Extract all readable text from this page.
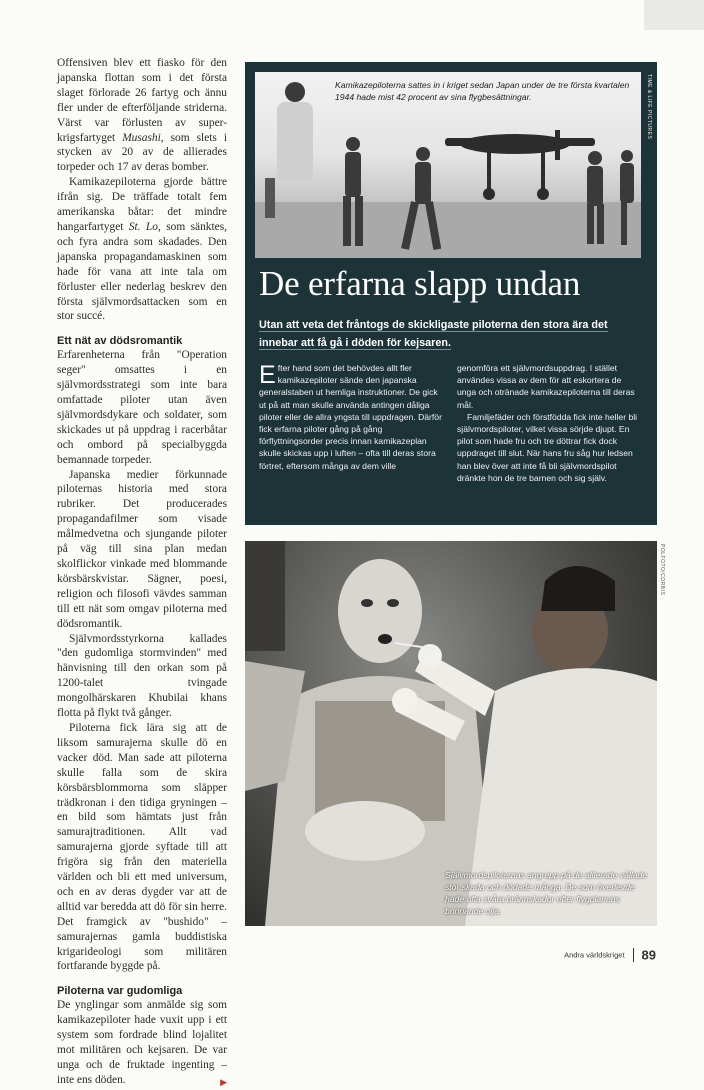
Offensiven blev ett fiasko för den japanska flottan som i det första slaget förlorade 26 fartyg och ännu fler under de efterföljande striderna. Värst var förlusten av super-krigsfartyget Musashi, som slets i stycken av 20 av de allierades torpeder och 17 av deras bomber.

Kamikazepiloterna gjorde bättre ifrån sig. De träffade totalt fem amerikanska båtar: det mindre hangarfartyget St. Lo, som sänktes, och fyra andra som skadades. Den japanska propagandamaskinen som hade för vana att inte tala om förluster eller nederlag beskrev den första självmordsattacken som en stor succé.

Ett nät av dödsromantik

Erfarenheterna från "Operation seger" omsattes i en självmordsstrategi som inte bara omfattade piloter utan även självmordsdykare och soldater, som skickades ut på uppdrag i racerbåtar och ombord på specialbyggda bemannade torpeder.

Japanska medier förkunnade piloternas historia med stora rubriker. Det producerades propagandafilmer som visade målmedvetna och sjungande piloter på väg till sina plan medan skolflickor vinkade med blommande körsbärskvistar. Sägner, poesi, religion och filosofi vävdes samman till ett nät som omgav piloterna med dödsromantik.

Självmordsstyrkorna kallades "den gudomliga stormvinden" med hänvisning till den orkan som på 1200-talet tvingade mongolhärskaren Khubilai khans flotta på flykt två gånger.

Piloterna fick lära sig att de liksom samurajerna skulle dö en vacker död. Man sade att piloterna skulle falla som de skira körsbärsblommorna som släpper trädkronan i den tidiga gryningen – en bild som hämtats just från samurajtraditionen. Allt vad samurajerna gjorde syftade till att frigöra sig från den materiella världen och bli ett med universum, och en av deras dygder var att de alltid var beredda att dö för sin herre. Det framgick av "bushido" – samurajernas gamla buddistiska krigarideologi som militären fortfarande byggde på.

Piloterna var gudomliga

De ynglingar som anmälde sig som kamikazepiloter hade vuxit upp i ett system som fordrade blind lojalitet mot militären och kejsaren. De var unga och de fruktade ingenting – inte ens döden.	▶

Kamikazepiloterna sattes in i kriget sedan Japan under de tre första kvartalen 1944 hade mist 42 procent av sina flygbesättningar.	TIME & LIFE PICTURES
De erfarna slapp undan
Utan att veta det fråntogs de skickligaste piloterna den stora ära det innebar att få gå i döden för kejsaren.

Efter hand som det behövdes allt fler kamikazepiloter sände den japanska generalstaben ut hemliga instruktioner. De gick ut på att man skulle använda antingen dåliga piloter eller de allra yngsta till uppdragen. Därför fick erfarna piloter gång på gång förflyttningsorder precis innan kamikazeplan skulle skickas upp i luften – ofta till deras stora förtret, eftersom många av dem ville

genomföra ett självmordsuppdrag. I stället användes vissa av dem för att eskortera de unga och otränade kamikazepiloterna till deras mål.

Familjefäder och förstfödda fick inte heller bli självmordspiloter, vilket vissa sörjde djupt. En pilot som hade fru och tre döttrar fick dock uppdraget till slut. När hans fru såg hur ledsen han blev över att inte få bli självmordspilot dränkte hon de tre barnen och sig själv.

Självmordspiloternas angrepp på de allierade vållade stor skada och dödade många. De som överlevde hade ofta svåra brännskador efter flygplanens brinnande olja.
POLFOTO/CORBIS
Andra världskriget 89
